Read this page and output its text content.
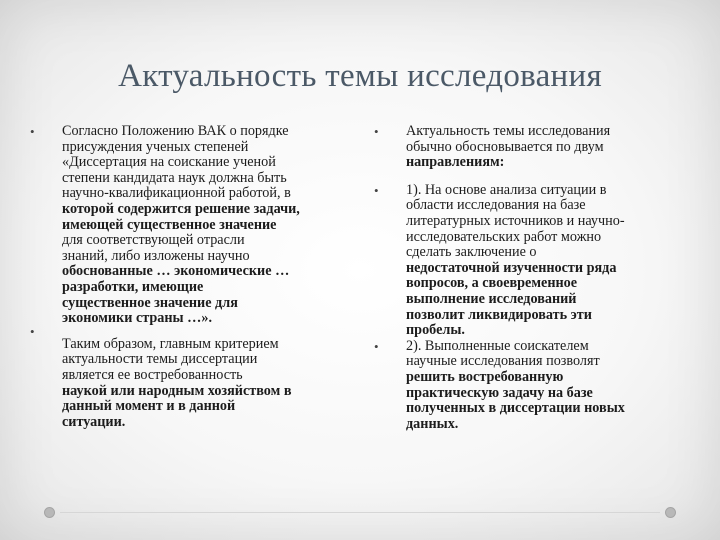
Актуальность темы исследования
• Согласно Положению ВАК о порядке
присуждения ученых степеней
«Диссертация на соискание ученой
степени кандидата наук должна быть
научно-квалификационной работой, в
которой содержится решение задачи,
имеющей существенное значение
для соответствующей отрасли
знаний, либо изложены научно
обоснованные … экономические …
разработки, имеющие
существенное значение для
экономики страны …».
•
Таким образом, главным критерием
актуальности темы диссертации
является ее востребованность
наукой или народным хозяйством в
данный момент и в данной
ситуации.
• Актуальность темы исследования
обычно обосновывается по двум
направлениям:
• 1). На основе анализа ситуации в
области исследования на базе
литературных источников и научно-
исследовательских работ можно
сделать заключение о
недостаточной изученности ряда
вопросов, а своевременное
выполнение исследований
позволит ликвидировать эти
пробелы.
• 2). Выполненные соискателем
научные исследования позволят
решить востребованную
практическую задачу на базе
полученных в диссертации новых
данных.
